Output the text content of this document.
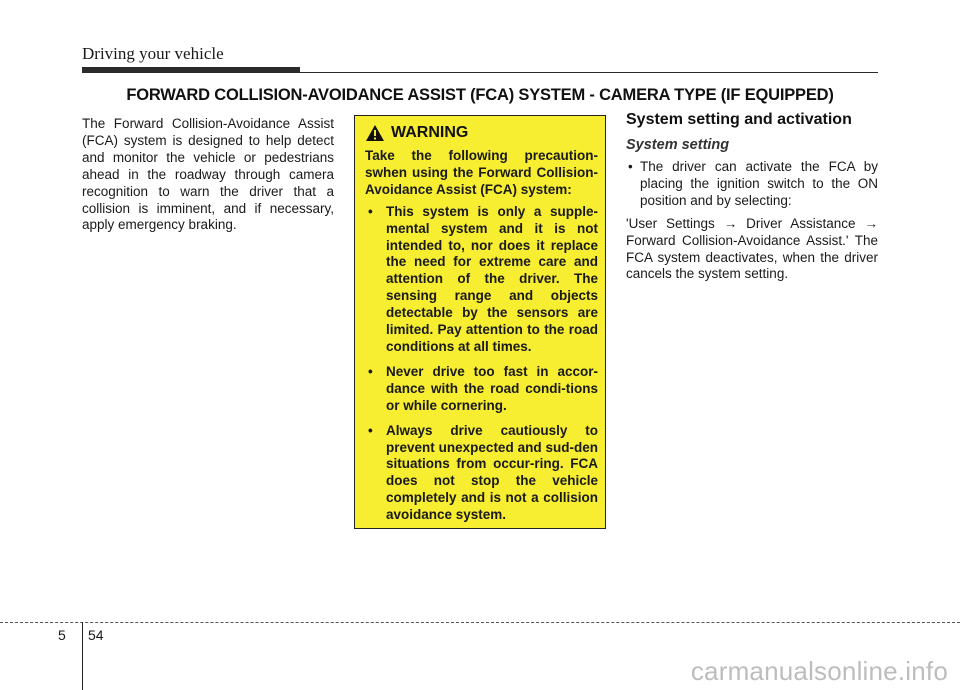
Driving your vehicle
FORWARD COLLISION-AVOIDANCE ASSIST (FCA) SYSTEM - CAMERA TYPE (IF EQUIPPED)

The Forward Collision-Avoidance Assist (FCA) system is designed to help detect and monitor the vehicle or pedestrians ahead in the roadway through camera recognition to warn the driver that a collision is imminent, and if necessary, apply emergency braking.

WARNING

Take the following precaution-swhen using the Forward Collision-Avoidance Assist (FCA) system:

• This system is only a supple-mental system and it is not intended to, nor does it replace the need for extreme care and attention of the driver. The sensing range and objects detectable by the sensors are limited. Pay attention to the road conditions at all times.
• Never drive too fast in accor-dance with the road condi-tions or while cornering.
• Always drive cautiously to prevent unexpected and sud-den situations from occur-ring. FCA does not stop the vehicle completely and is not a collision avoidance system.
System setting and activation
System setting
• The driver can activate the FCA by placing the ignition switch to the ON position and by selecting:

'User Settings → Driver Assistance → Forward Collision-Avoidance Assist.' The FCA system deactivates, when the driver cancels the system setting.

5 54
carmanualsonline.info
